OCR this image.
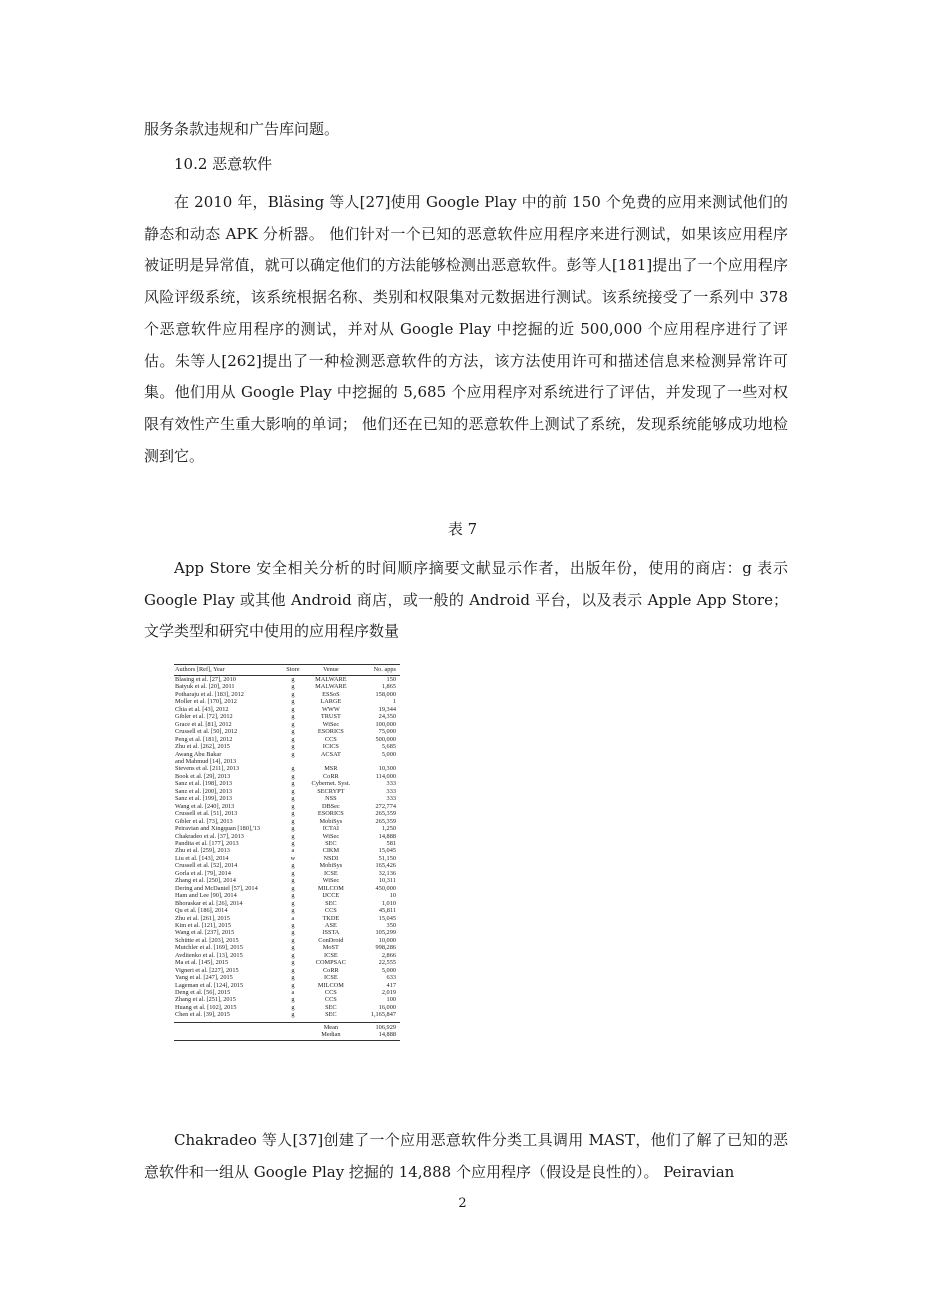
服务条款违规和广告库问题。

10.2 恶意软件

在 2010 年，Bläsing 等人[27]使用 Google Play 中的前 150 个免费的应用来测试他们的静态和动态 APK 分析器。 他们针对一个已知的恶意软件应用程序来进行测试，如果该应用程序被证明是异常值，就可以确定他们的方法能够检测出恶意软件。彭等人[181]提出了一个应用程序风险评级系统，该系统根据名称、类别和权限集对元数据进行测试。该系统接受了一系列中 378 个恶意软件应用程序的测试，并对从 Google Play 中挖掘的近 500,000 个应用程序进行了评估。朱等人[262]提出了一种检测恶意软件的方法，该方法使用许可和描述信息来检测异常许可集。他们用从 Google Play 中挖掘的 5,685 个应用程序对系统进行了评估，并发现了一些对权限有效性产生重大影响的单词； 他们还在已知的恶意软件上测试了系统，发现系统能够成功地检测到它。

表 7

App Store 安全相关分析的时间顺序摘要文献显示作者，出版年份，使用的商店：g 表示 Google Play 或其他 Android 商店，或一般的 Android 平台，以及表示 Apple App Store；文学类型和研究中使用的应用程序数量

Authors [Ref], Year	Store	Venue	No. apps
Blasing et al. [27], 2010	g	MALWARE	150
Batyuk et al. [20], 2011	g	MALWARE	1,865
Potharaju et al. [183], 2012	g	ESSoS	158,000
Moller et al. [170], 2012	g	LARGE	1
Chia et al. [43], 2012	g	WWW	19,344
Gibler et al. [72], 2012	g	TRUST	24,350
Grace et al. [81], 2012	g	WiSec	100,000
Crussell et al. [50], 2012	g	ESORICS	75,000
Peng et al. [181], 2012	g	CCS	500,000
Zhu et al. [262], 2015	g	ICICS	5,685
Awang Abu Bakar	g	ACSAT	5,000
and Mahmud [14], 2013			
Stevens et al. [211], 2013	g	MSR	10,300
Book et al. [29], 2013	g	CoRR	114,000
Sanz et al. [198], 2013	g	Cybernet. Syst.	333
Sanz et al. [200], 2013	g	SECRYPT	333
Sanz et al. [199], 2013	g	NSS	333
Wang et al. [240], 2013	g	DBSec	272,774
Crussell et al. [51], 2013	g	ESORICS	265,359
Gibler et al. [73], 2013	g	MobiSys	265,359
Peiravian and Xingquan [180],'13	g	ICTAI	1,250
Chakradeo et al. [37], 2013	g	WiSec	14,888
Pandita et al. [177], 2013	g	SEC	581
Zhu et al. [259], 2013	a	CIKM	15,045
Liu et al. [143], 2014	w	NSDI	51,150
Crussell et al. [52], 2014	g	MobiSys	165,426
Gorla et al. [79], 2014	g	ICSE	32,136
Zhang et al. [250], 2014	g	WiSec	10,311
Dering and McDaniel [57], 2014	g	MILCOM	450,000
Ham and Lee [90], 2014	g	IJCCE	10
Bhoraskar et al. [26], 2014	g	SEC	1,010
Qu et al. [186], 2014	g	CCS	45,811
Zhu et al. [261], 2015	a	TKDE	15,045
Kim et al. [121], 2015	g	ASE	350
Wang et al. [237], 2015	g	ISSTA	105,299
Schütte et al. [203], 2015	g	ConDroid	10,000
Mutchler et al. [169], 2015	g	MoST	998,286
Avdiienko et al. [13], 2015	g	ICSE	2,866
Ma et al. [145], 2015	g	COMPSAC	22,555
Vigneri et al. [227], 2015	g	CoRR	5,000
Yang et al. [247], 2015	g	ICSE	633
Lageman et al. [124], 2015	g	MILCOM	417
Deng et al. [56], 2015	a	CCS	2,019
Zhang et al. [251], 2015	g	CCS	100
Huang et al. [102], 2015	g	SEC	16,000
Chen et al. [39], 2015	g	SEC	1,165,847
		Mean	106,929
		Median	14,888

Chakradeo 等人[37]创建了一个应用恶意软件分类工具调用 MAST，他们了解了已知的恶意软件和一组从 Google Play 挖掘的 14,888 个应用程序（假设是良性的）。 Peiravian

2
